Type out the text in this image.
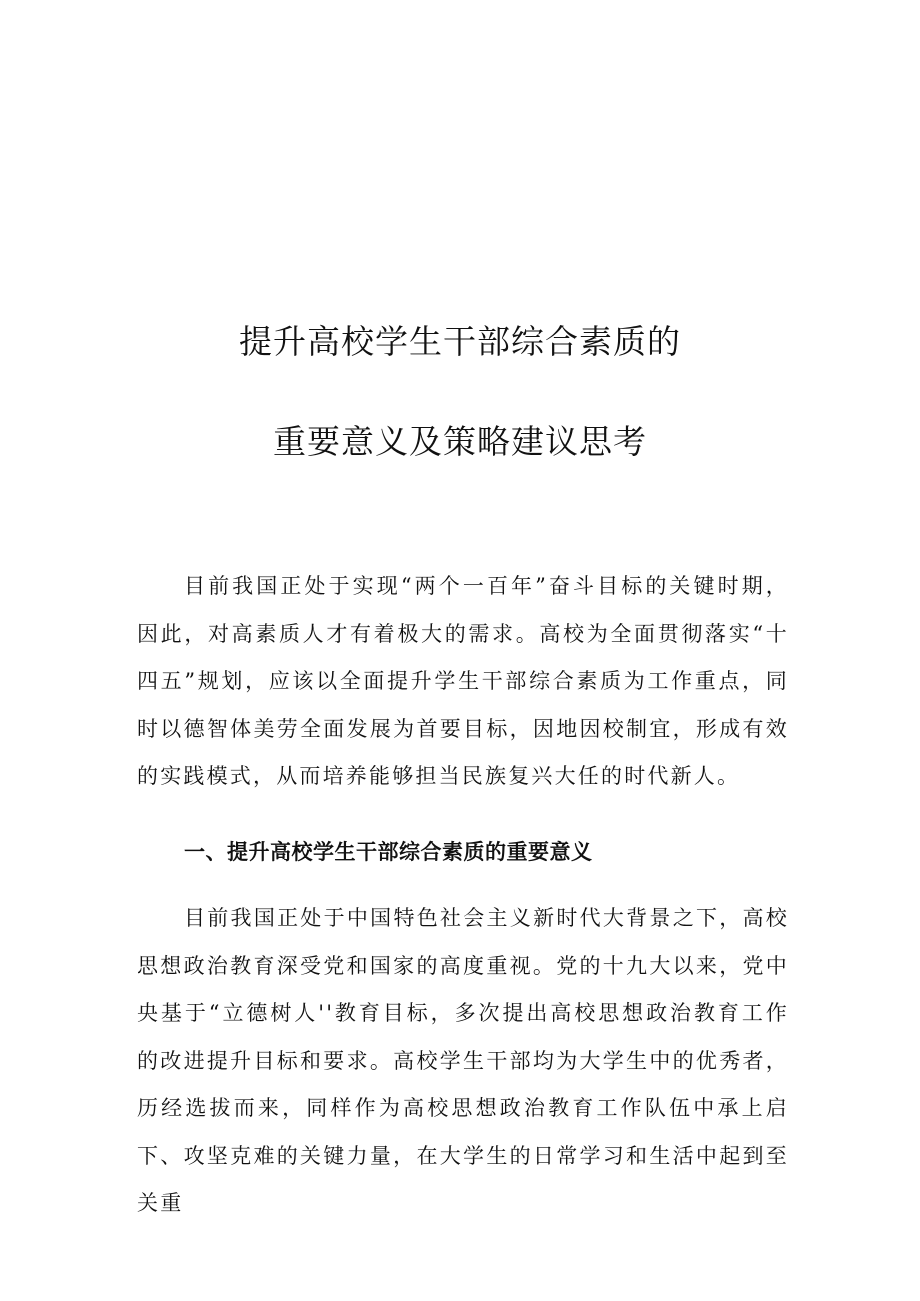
提升高校学生干部综合素质的
重要意义及策略建议思考

目前我国正处于实现“两个一百年”奋斗目标的关键时期，因此，对高素质人才有着极大的需求。高校为全面贯彻落实“十四五”规划，应该以全面提升学生干部综合素质为工作重点，同时以德智体美劳全面发展为首要目标，因地因校制宜，形成有效的实践模式，从而培养能够担当民族复兴大任的时代新人。

一、提升高校学生干部综合素质的重要意义

目前我国正处于中国特色社会主义新时代大背景之下，高校思想政治教育深受党和国家的高度重视。党的十九大以来，党中央基于“立德树人''教育目标，多次提出高校思想政治教育工作的改进提升目标和要求。高校学生干部均为大学生中的优秀者，历经选拔而来，同样作为高校思想政治教育工作队伍中承上启下、攻坚克难的关键力量，在大学生的日常学习和生活中起到至关重
